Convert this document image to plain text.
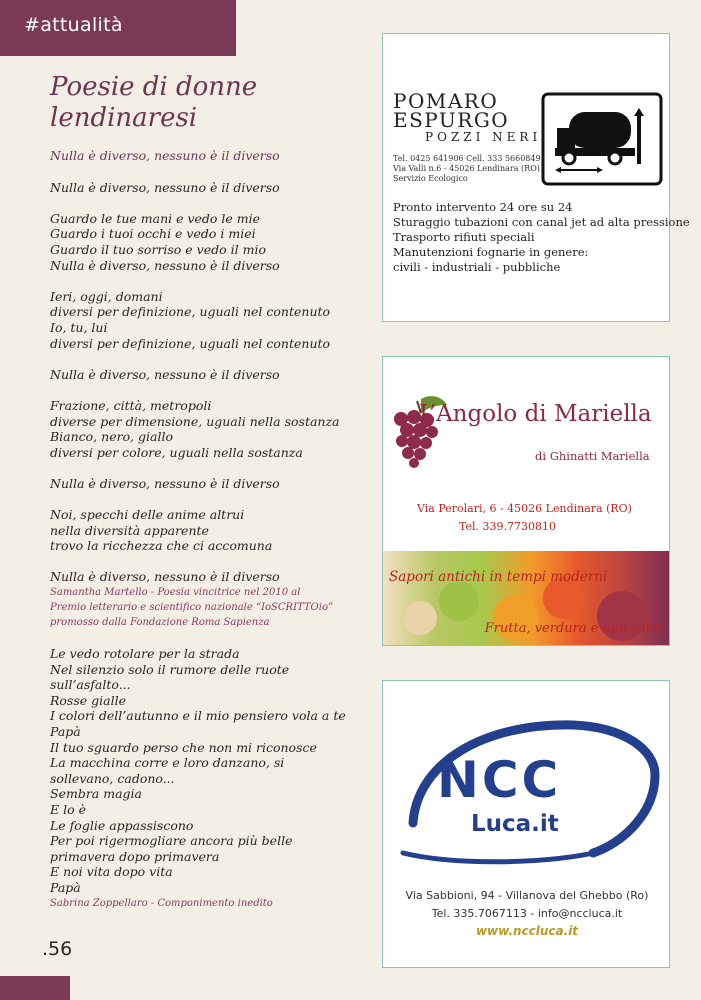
#attualità
Poesie di donne
lendinaresi
Nulla è diverso, nessuno è il diverso
Nulla è diverso, nessuno è il diverso
Guardo le tue mani e vedo le mie
Guardo i tuoi occhi e vedo i miei
Guardo il tuo sorriso e vedo il mio
Nulla è diverso, nessuno è il diverso
Ieri, oggi, domani
diversi per definizione, uguali nel contenuto
Io, tu, lui
diversi per definizione, uguali nel contenuto
Nulla è diverso, nessuno è il diverso
Frazione, città, metropoli
diverse per dimensione, uguali nella sostanza
Bianco, nero, giallo
diversi per colore, uguali nella sostanza
Nulla è diverso, nessuno è il diverso
Noi, specchi delle anime altrui
nella diversità apparente
trovo la ricchezza che ci accomuna
Nulla è diverso, nessuno è il diverso
Samantha Martello - Poesia vincitrice nel 2010 al
Premio letterario e scientifico nazionale “IoSCRITTOio”
promosso dalla Fondazione Roma Sapienza
Le vedo rotolare per la strada
Nel silenzio solo il rumore delle ruote
sull’asfalto...
Rosse gialle
I colori dell’autunno e il mio pensiero vola a te
Papà
Il tuo sguardo perso che non mi riconosce
La macchina corre e loro danzano, si
sollevano, cadono...
Sembra magia
E lo è
Le foglie appassiscono
Per poi rigermogliare ancora più belle
primavera dopo primavera
E noi vita dopo vita
Papà
Sabrina Zoppellaro - Componimento inedito
.56
POMARO
ESPURGO
POZZI NERI
Tel. 0425 641906 Cell. 333 5660849
Via Valli n.6 - 45026 Lendinara (RO)
Servizio Ecologico
Pronto intervento 24 ore su 24
Sturaggio tubazioni con canal jet ad alta pressione
Trasporto rifiuti speciali
Manutenzioni fognarie in genere:
civili - industriali - pubbliche
L’Angolo di Mariella
di Ghinatti Mariella
Via Perolari, 6 - 45026 Lendinara (RO)
Tel. 339.7730810
Sapori antichi in tempi moderni
Frutta, verdura e non solo!
NCC
Luca.it
Via Sabbioni, 94 - Villanova del Ghebbo (Ro)
Tel. 335.7067113 - info@nccluca.it
www.nccluca.it
